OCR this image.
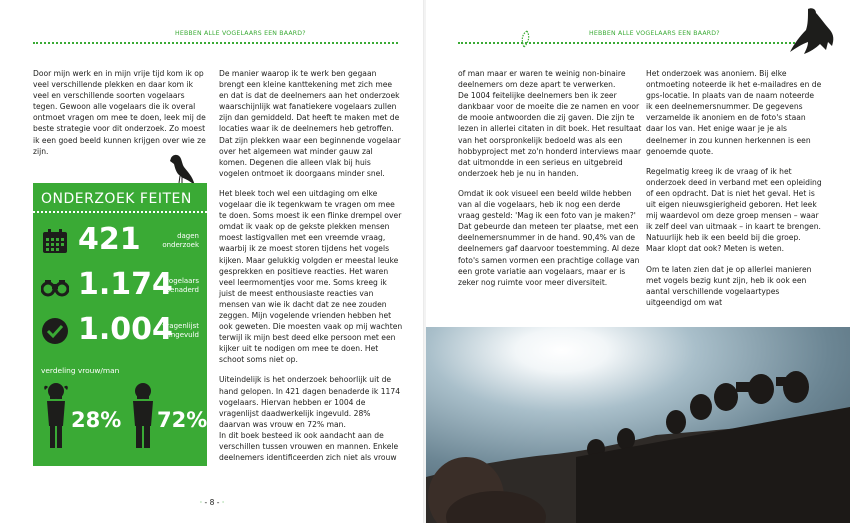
HEBBEN ALLE VOGELAARS EEN BAARD?

Door mijn werk en in mijn vrije tijd kom ik op veel verschillende plekken en daar kom ik veel en verschillende soorten vogelaars tegen. Gewoon alle vogelaars die ik overal ontmoet vragen om mee te doen, leek mij de beste strategie voor dit onderzoek. Zo moest ik een goed beeld kunnen krijgen over wie ze zijn.

ONDERZOEK FEITEN
421	dagen
onderzoek
1.174
vogelaars
benaderd
1.004
vragenlijst
ingevuld
verdeling vrouw/man
28% 72%

De manier waarop ik te werk ben gegaan brengt een kleine kanttekening met zich mee en dat is dat de deelnemers aan het onderzoek waarschijnlijk wat fanatiekere vogelaars zullen zijn dan gemiddeld. Dat heeft te maken met de locaties waar ik de deelnemers heb getroffen. Dat zijn plekken waar een beginnende vogelaar over het algemeen wat minder gauw zal komen. Degenen die alleen vlak bij huis vogelen ontmoet ik doorgaans minder snel.

Het bleek toch wel een uitdaging om elke vogelaar die ik tegenkwam te vragen om mee te doen. Soms moest ik een flinke drempel over omdat ik vaak op de gekste plekken mensen moest lastigvallen met een vreemde vraag, waarbij ik ze moest storen tijdens het vogels kijken. Maar gelukkig volgden er meestal leuke gesprekken en positieve reacties. Het waren veel leermomentjes voor me. Soms kreeg ik juist de meest enthousiaste reacties van mensen van wie ik dacht dat ze nee zouden zeggen. Mijn vogelende vrienden hebben het ook geweten. Die moesten vaak op mij wachten terwijl ik mijn best deed elke persoon met een kijker uit te nodigen om mee te doen. Het schoot soms niet op.

Uiteindelijk is het onderzoek behoorlijk uit de hand gelopen. In 421 dagen benaderde ik 1174 vogelaars. Hiervan hebben er 1004 de vragenlijst daadwerkelijk ingevuld. 28% daarvan was vrouw en 72% man.
In dit boek besteed ik ook aandacht aan de verschillen tussen vrouwen en mannen. Enkele deelnemers identificeerden zich niet als vrouw

· - 8 - ·
HEBBEN ALLE VOGELAARS EEN BAARD?

of man maar er waren te weinig non-binaire deelnemers om deze apart te verwerken.
De 1004 feitelijke deelnemers ben ik zeer dankbaar voor de moeite die ze namen en voor de mooie antwoorden die zij gaven. Die zijn te lezen in allerlei citaten in dit boek. Het resultaat van het oorspronkelijk bedoeld was als een hobbyproject met zo'n honderd interviews maar dat uitmondde in een serieus en uitgebreid onderzoek heb je nu in handen.

Omdat ik ook visueel een beeld wilde hebben van al die vogelaars, heb ik nog een derde vraag gesteld: 'Mag ik een foto van je maken?' Dat gebeurde dan meteen ter plaatse, met een deelnemersnummer in de hand. 90,4% van de deelnemers gaf daarvoor toestemming. Al deze foto's samen vormen een prachtige collage van een grote variatie aan vogelaars, maar er is zeker nog ruimte voor meer diversiteit.

Het onderzoek was anoniem. Bij elke ontmoeting noteerde ik het e-mailadres en de gps-locatie. In plaats van de naam noteerde ik een deelnemersnummer. De gegevens verzamelde ik anoniem en de foto's staan daar los van. Het enige waar je je als deelnemer in zou kunnen herkennen is een genoemde quote.

Regelmatig kreeg ik de vraag of ik het onderzoek deed in verband met een opleiding of een opdracht. Dat is niet het geval. Het is uit eigen nieuwsgierigheid geboren. Het leek mij waardevol om deze groep mensen – waar ik zelf deel van uitmaak – in kaart te brengen. Natuurlijk heb ik een beeld bij die groep. Maar klopt dat ook? Meten is weten.

Om te laten zien dat je op allerlei manieren met vogels bezig kunt zijn, heb ik ook een aantal verschillende vogelaartypes uitgeendigd om wat
